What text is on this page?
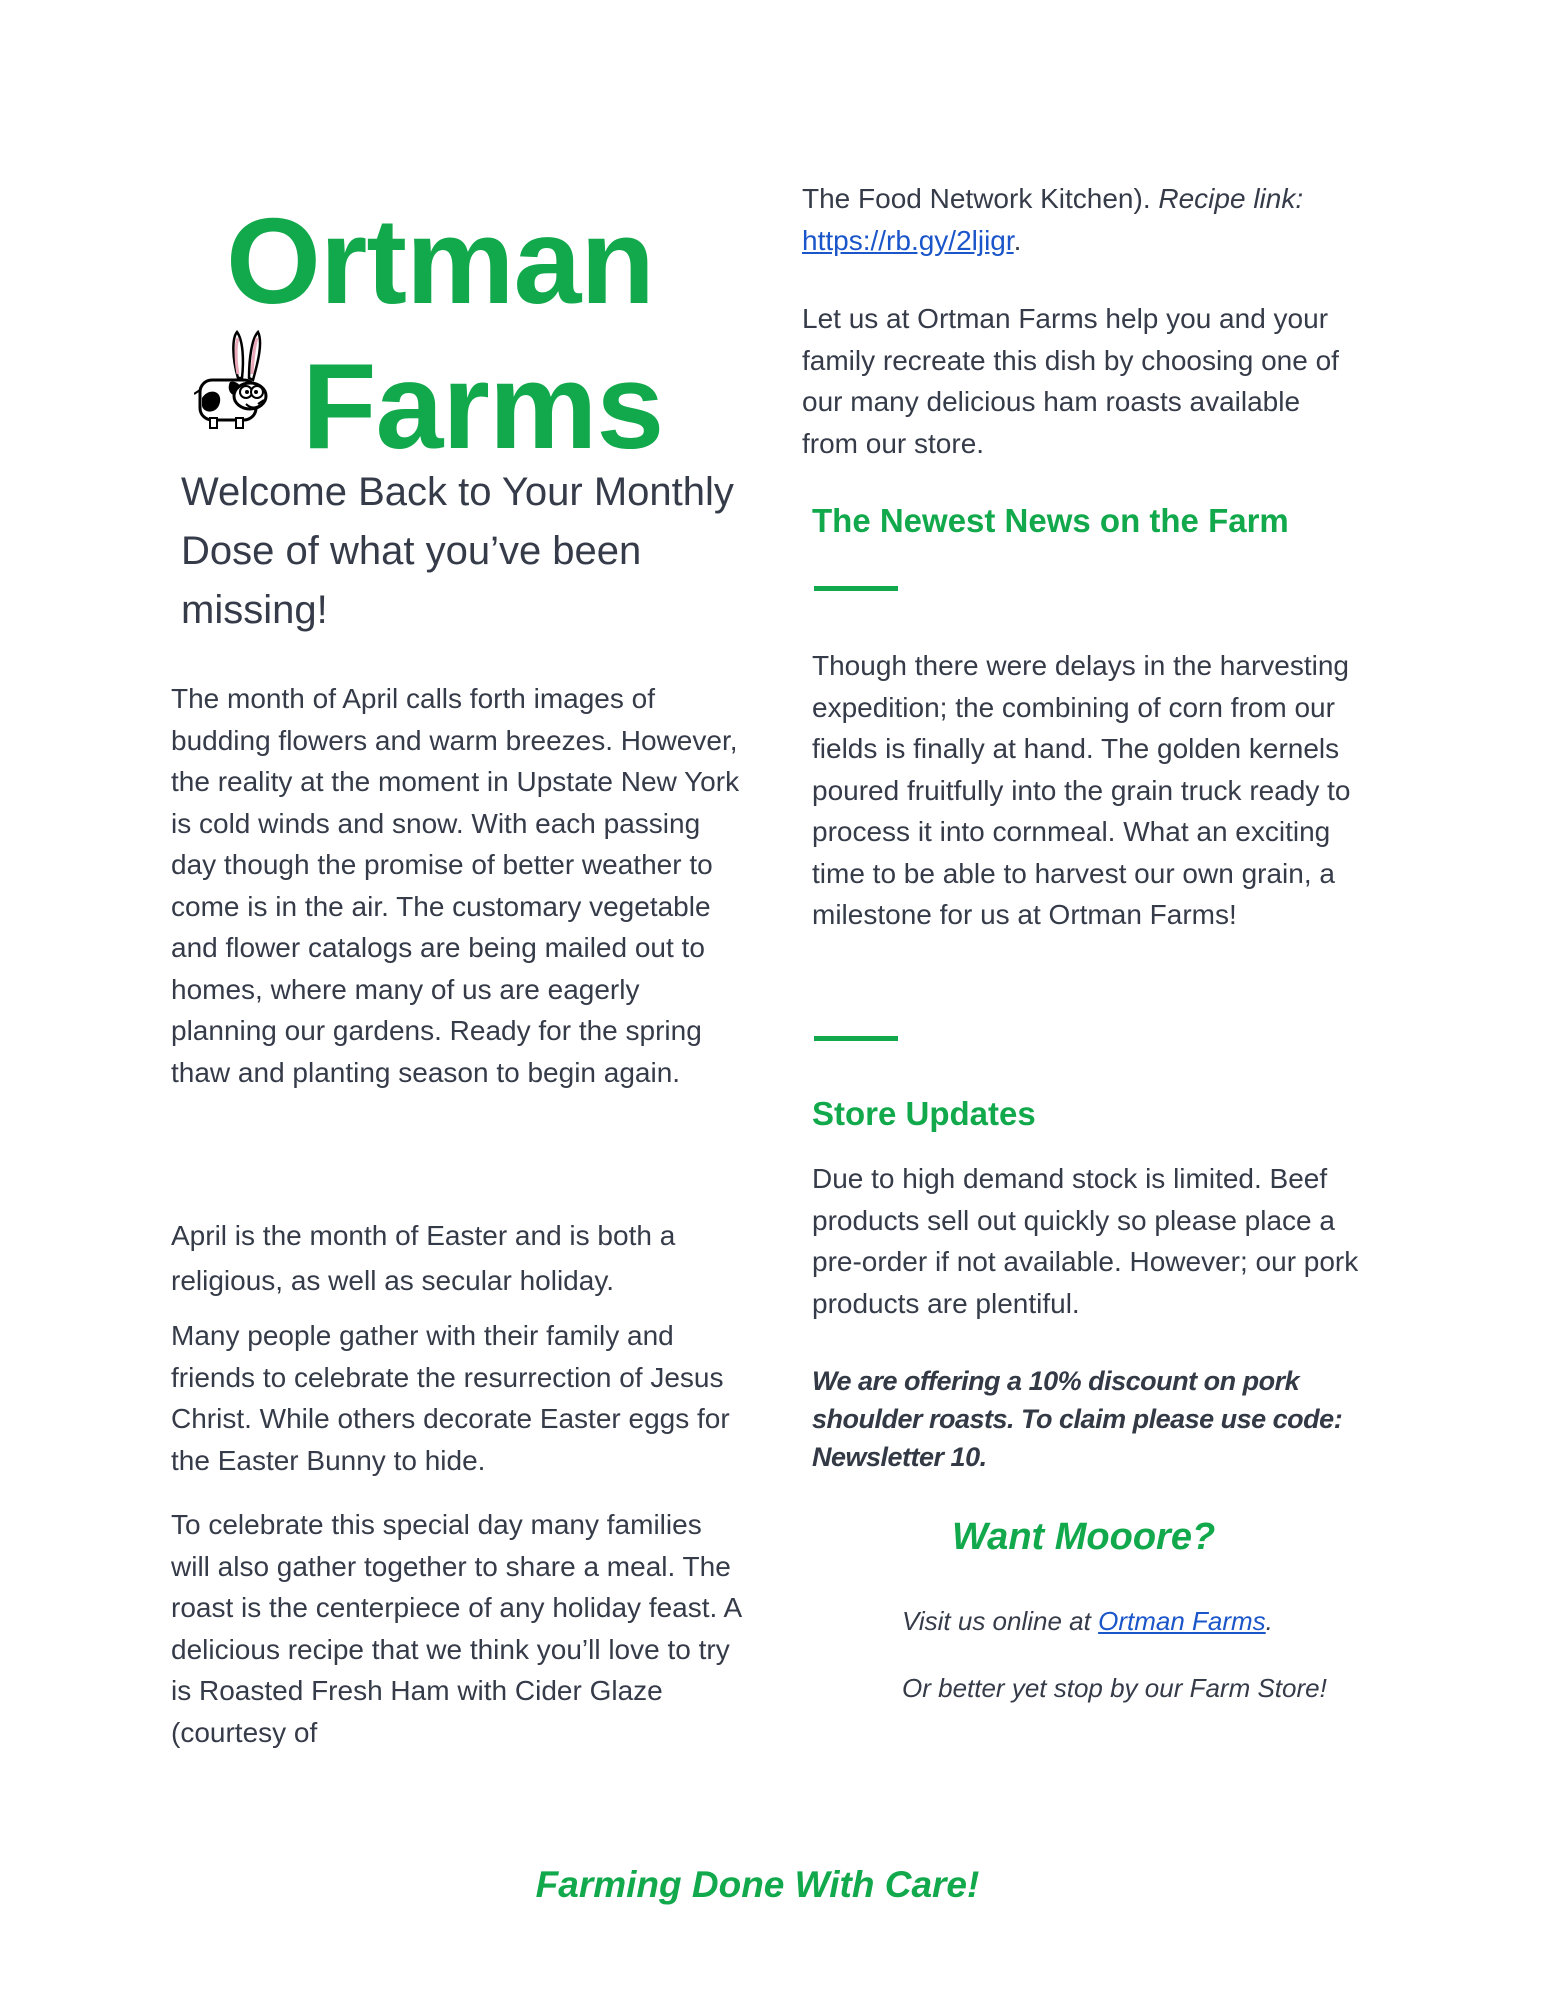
Ortman
Farms
Welcome Back to Your Monthly Dose of what you’ve been missing!
The month of April calls forth images of budding flowers and warm breezes. However, the reality at the moment in Upstate New York is cold winds and snow. With each passing day though the promise of better weather to come is in the air. The customary vegetable and flower catalogs are being mailed out to homes, where many of us are eagerly planning our gardens. Ready for the spring thaw and planting season to begin again.
April is the month of Easter and is both a religious, as well as secular holiday.
Many people gather with their family and friends to celebrate the resurrection of Jesus Christ. While others decorate Easter eggs for the Easter Bunny to hide.
To celebrate this special day many families will also gather together to share a meal. The roast is the centerpiece of any holiday feast. A delicious recipe that we think you’ll love to try is Roasted Fresh Ham with Cider Glaze (courtesy of
The Food Network Kitchen). Recipe link:
https://rb.gy/2ljigr.
Let us at Ortman Farms help you and your family recreate this dish by choosing one of our many delicious ham roasts available from our store.
The Newest News on the Farm
Though there were delays in the harvesting expedition; the combining of corn from our fields is finally at hand. The golden kernels poured fruitfully into the grain truck ready to process it into cornmeal. What an exciting time to be able to harvest our own grain, a milestone for us at Ortman Farms!
Store Updates
Due to high demand stock is limited. Beef products sell out quickly so please place a pre-order if not available. However; our pork products are plentiful.
We are offering a 10% discount on pork shoulder roasts. To claim please use code: Newsletter 10.
Want Mooore?
Visit us online at Ortman Farms.
Or better yet stop by our Farm Store!
Farming Done With Care!
